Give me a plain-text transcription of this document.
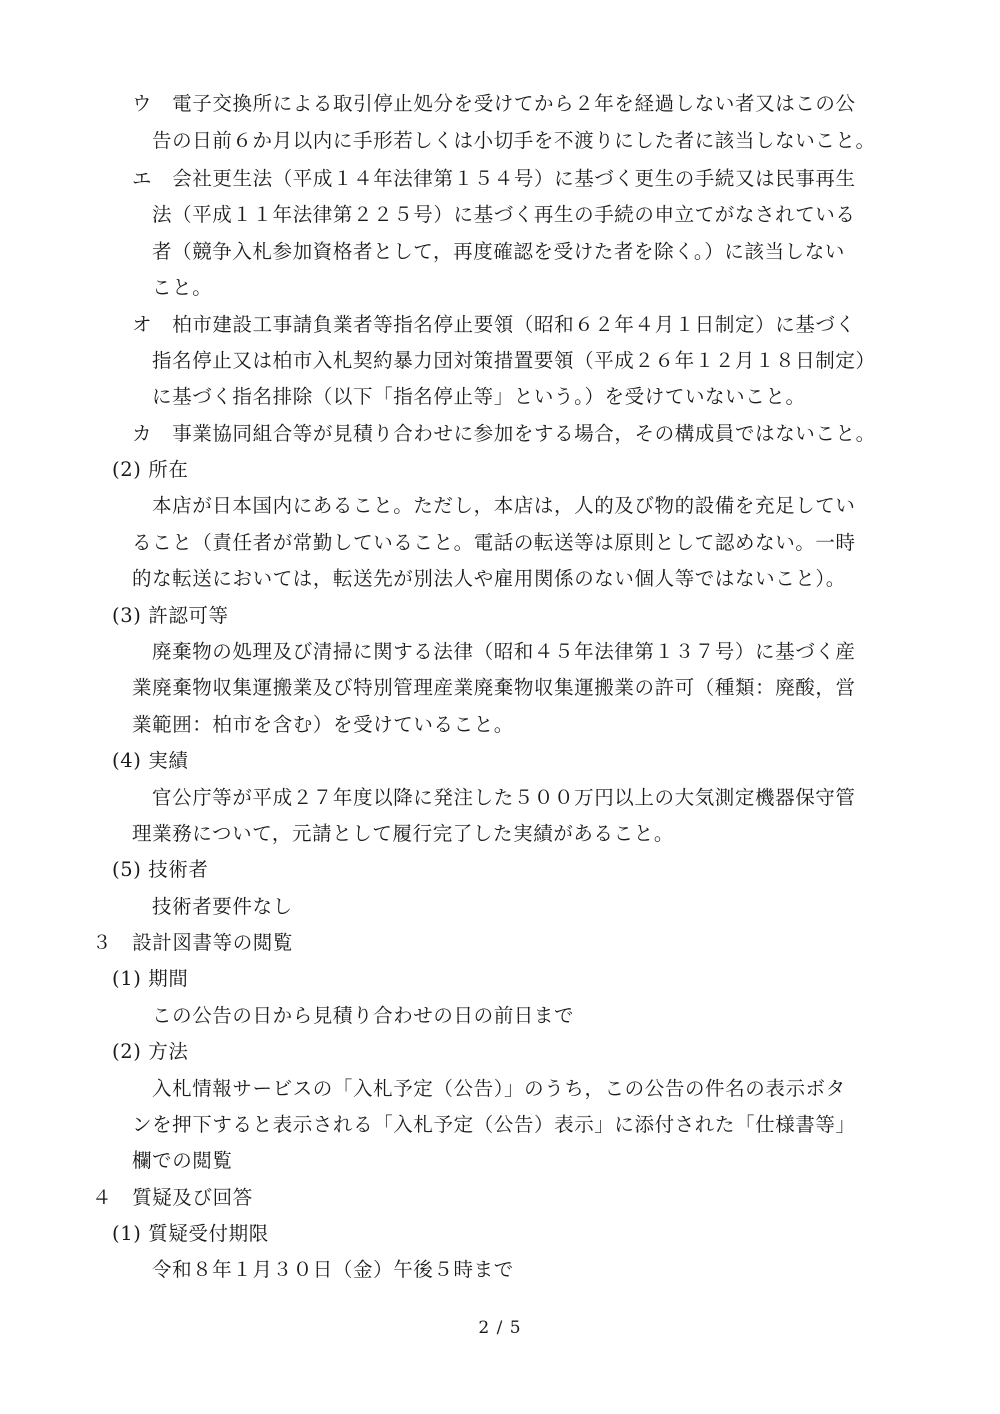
ウ　電子交換所による取引停止処分を受けてから２年を経過しない者又はこの公
告の日前６か月以内に手形若しくは小切手を不渡りにした者に該当しないこと。
エ　会社更生法（平成１４年法律第１５４号）に基づく更生の手続又は民事再生
法（平成１１年法律第２２５号）に基づく再生の手続の申立てがなされている
者（競争入札参加資格者として，再度確認を受けた者を除く。）に該当しない
こと。
オ　柏市建設工事請負業者等指名停止要領（昭和６２年４月１日制定）に基づく
指名停止又は柏市入札契約暴力団対策措置要領（平成２６年１２月１８日制定）
に基づく指名排除（以下「指名停止等」という。）を受けていないこと。
カ　事業協同組合等が見積り合わせに参加をする場合，その構成員ではないこと。
(2) 所在
本店が日本国内にあること。ただし，本店は，人的及び物的設備を充足してい
ること（責任者が常勤していること。電話の転送等は原則として認めない。一時
的な転送においては，転送先が別法人や雇用関係のない個人等ではないこと）。
(3) 許認可等
廃棄物の処理及び清掃に関する法律（昭和４５年法律第１３７号）に基づく産
業廃棄物収集運搬業及び特別管理産業廃棄物収集運搬業の許可（種類：廃酸，営
業範囲：柏市を含む）を受けていること。
(4) 実績
官公庁等が平成２７年度以降に発注した５００万円以上の大気測定機器保守管
理業務について，元請として履行完了した実績があること。
(5) 技術者
技術者要件なし
３　設計図書等の閲覧
(1) 期間
この公告の日から見積り合わせの日の前日まで
(2) 方法
入札情報サービスの「入札予定（公告）」のうち，この公告の件名の表示ボタ
ンを押下すると表示される「入札予定（公告）表示」に添付された「仕様書等」
欄での閲覧
４　質疑及び回答
(1) 質疑受付期限
令和８年１月３０日（金）午後５時まで
2 / 5
